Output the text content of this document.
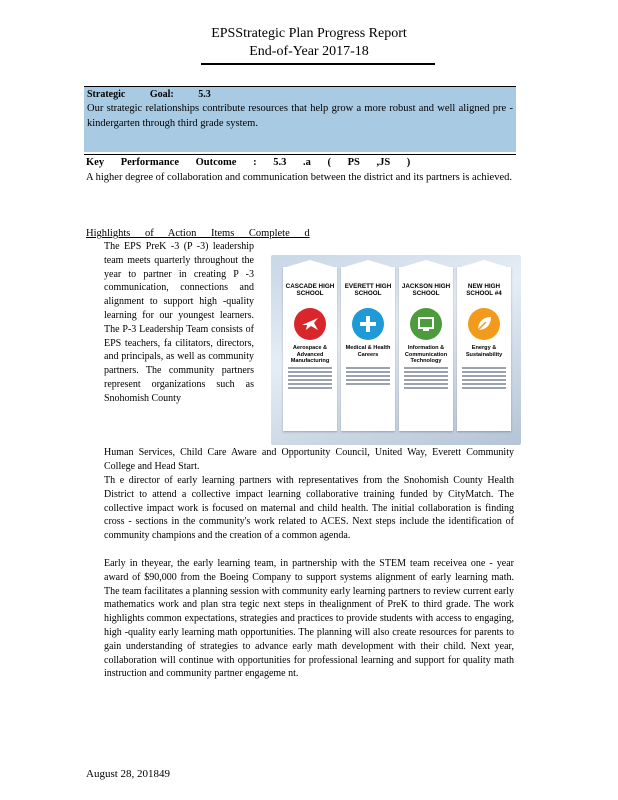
EPSStrategic Plan Progress Report
End-of-Year 2017-18
Strategic Goal: 5.3
Our strategic relationships contribute resources that help grow a more robust and well aligned pre - kindergarten through third grade system.
Key Performance Outcome : 5.3 .a ( PS ,JS )
A higher degree of collaboration and communication between the district and its partners is achieved.
Highlights of Action Items Complete d
The EPS PreK -3 (P -3) leadership team meets quarterly throughout the year to partner in creating P -3 communication, connections and alignment to support high -quality learning for our youngest learners. The P-3 Leadership Team consists of EPS teachers, fa cilitators, directors, and principals, as well as community partners. The community partners represent organizations such as Snohomish County
Human Services, Child Care Aware and Opportunity Council, United Way, Everett Community College and Head Start.
CASCADE HIGH SCHOOL
Aerospace & Advanced Manufacturing
EVERETT HIGH SCHOOL
Medical & Health Careers
JACKSON HIGH SCHOOL
Information & Communication Technology
NEW HIGH SCHOOL #4
Energy & Sustainability
Th e director of early learning partners with representatives from the Snohomish County Health District to attend a collective impact learning collaborative training funded by CityMatch. The collective impact work is focused on maternal and child health. The initial collaboration is finding cross - sections in the community's work related to ACES. Next steps include the identification of community champions and the creation of a common agenda.
Early in theyear, the early learning team, in partnership with the STEM team receivea one - year award of $90,000 from the Boeing Company to support systems alignment of early learning math. The team facilitates a planning session with community early learning partners to review current early mathematics work and plan stra tegic next steps in thealignment of PreK to third grade. The work highlights common expectations, strategies and practices to provide students with access to engaging, high -quality early learning math opportunities. The planning will also create resources for parents to gain understanding of strategies to advance early math development with their child. Next year, collaboration will continue with opportunities for professional learning and support for quality math instruction and community partner engageme nt.
August 28, 201849
